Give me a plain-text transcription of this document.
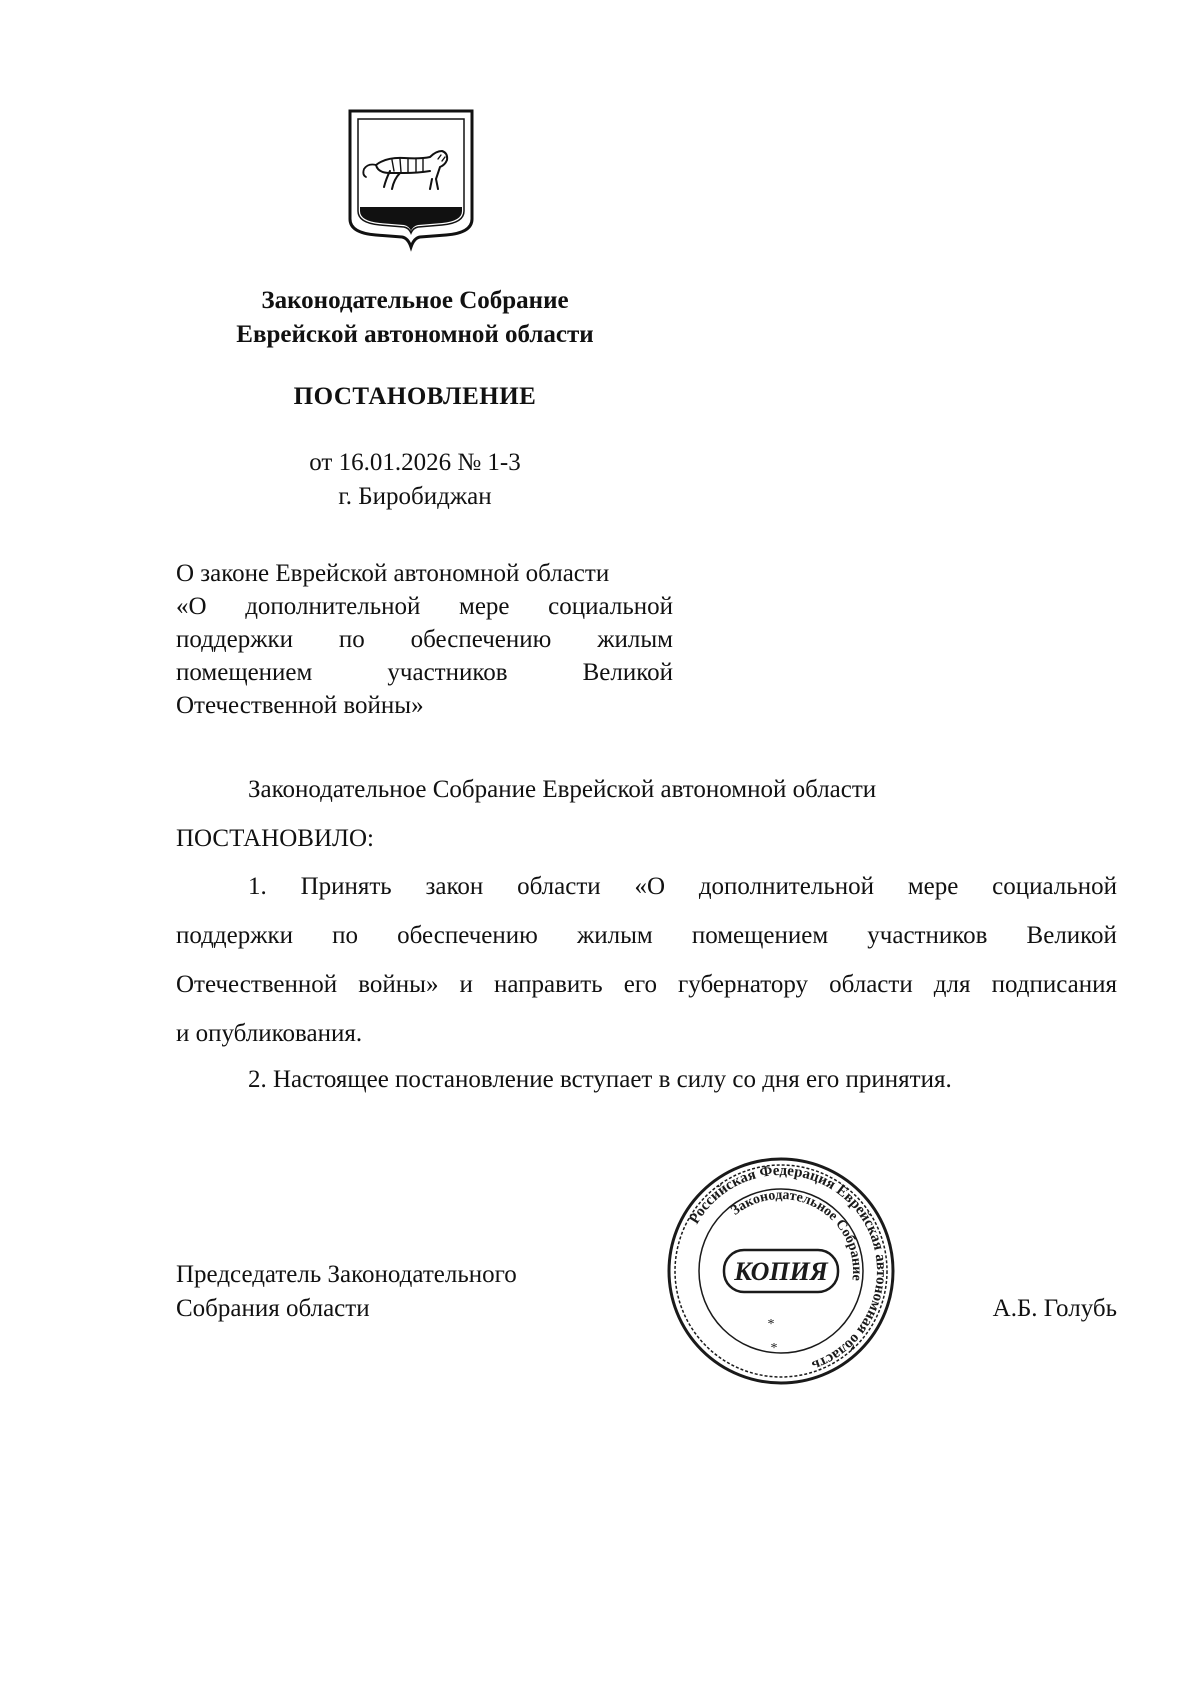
Законодательное Собрание
Еврейской автономной области
ПОСТАНОВЛЕНИЕ
от 16.01.2026 № 1-3
г. Биробиджан
О законе Еврейской автономной области
«О дополнительной мере социальной
поддержки по обеспечению жилым
помещением	участников	Великой
Отечественной войны»
Законодательное Собрание Еврейской автономной области
ПОСТАНОВИЛО:
1. Принять закон области «О дополнительной мере социальной
поддержки по обеспечению жилым помещением участников Великой
Отечественной войны» и направить его губернатору области для подписания
и опубликования.
2. Настоящее постановление вступает в силу со дня его принятия.
Председатель Законодательного
Собрания области	А.Б. Голубь
Российская Федерация Еврейская автономная область
Законодательное Собрание
КОПИЯ
*
*
